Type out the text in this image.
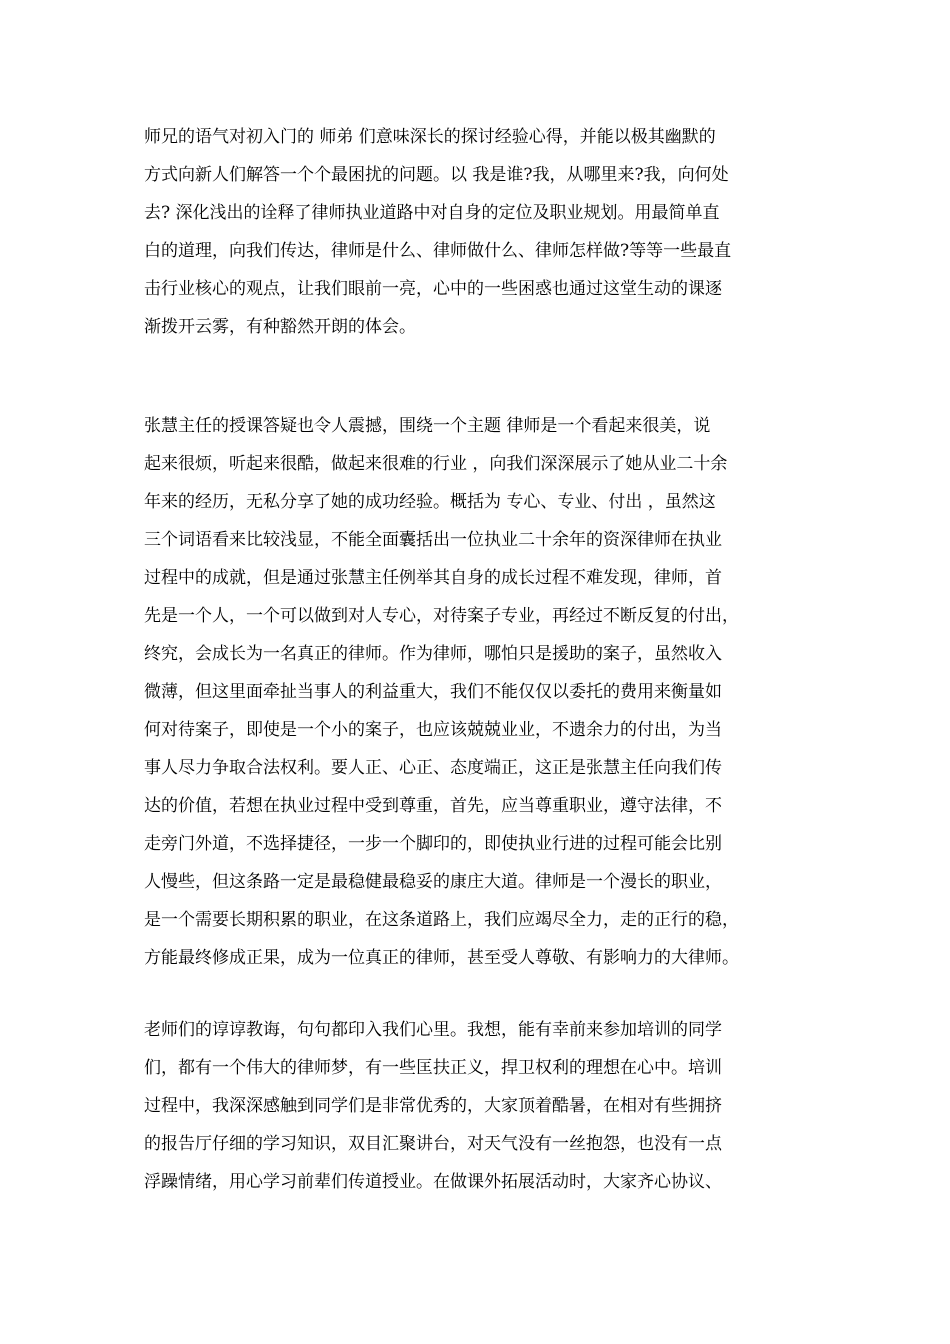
师兄的语气对初入门的 师弟 们意味深长的探讨经验心得，并能以极其幽默的
方式向新人们解答一个个最困扰的问题。以 我是谁?我，从哪里来?我，向何处
去? 深化浅出的诠释了律师执业道路中对自身的定位及职业规划。用最简单直
白的道理，向我们传达，律师是什么、律师做什么、律师怎样做?等等一些最直
击行业核心的观点，让我们眼前一亮，心中的一些困惑也通过这堂生动的课逐
渐拨开云雾，有种豁然开朗的体会。
张慧主任的授课答疑也令人震撼，围绕一个主题 律师是一个看起来很美，说
起来很烦，听起来很酷，做起来很难的行业 ，向我们深深展示了她从业二十余
年来的经历，无私分享了她的成功经验。概括为 专心、专业、付出 ，虽然这
三个词语看来比较浅显，不能全面囊括出一位执业二十余年的资深律师在执业
过程中的成就，但是通过张慧主任例举其自身的成长过程不难发现，律师，首
先是一个人，一个可以做到对人专心，对待案子专业，再经过不断反复的付出，
终究，会成长为一名真正的律师。作为律师，哪怕只是援助的案子，虽然收入
微薄，但这里面牵扯当事人的利益重大，我们不能仅仅以委托的费用来衡量如
何对待案子，即使是一个小的案子，也应该兢兢业业，不遗余力的付出，为当
事人尽力争取合法权利。要人正、心正、态度端正，这正是张慧主任向我们传
达的价值，若想在执业过程中受到尊重，首先，应当尊重职业，遵守法律，不
走旁门外道，不选择捷径，一步一个脚印的，即使执业行进的过程可能会比别
人慢些，但这条路一定是最稳健最稳妥的康庄大道。律师是一个漫长的职业，
是一个需要长期积累的职业，在这条道路上，我们应竭尽全力，走的正行的稳，
方能最终修成正果，成为一位真正的律师，甚至受人尊敬、有影响力的大律师。
老师们的谆谆教诲，句句都印入我们心里。我想，能有幸前来参加培训的同学
们，都有一个伟大的律师梦，有一些匡扶正义，捍卫权利的理想在心中。培训
过程中，我深深感触到同学们是非常优秀的，大家顶着酷暑，在相对有些拥挤
的报告厅仔细的学习知识，双目汇聚讲台，对天气没有一丝抱怨，也没有一点
浮躁情绪，用心学习前辈们传道授业。在做课外拓展活动时，大家齐心协议、
